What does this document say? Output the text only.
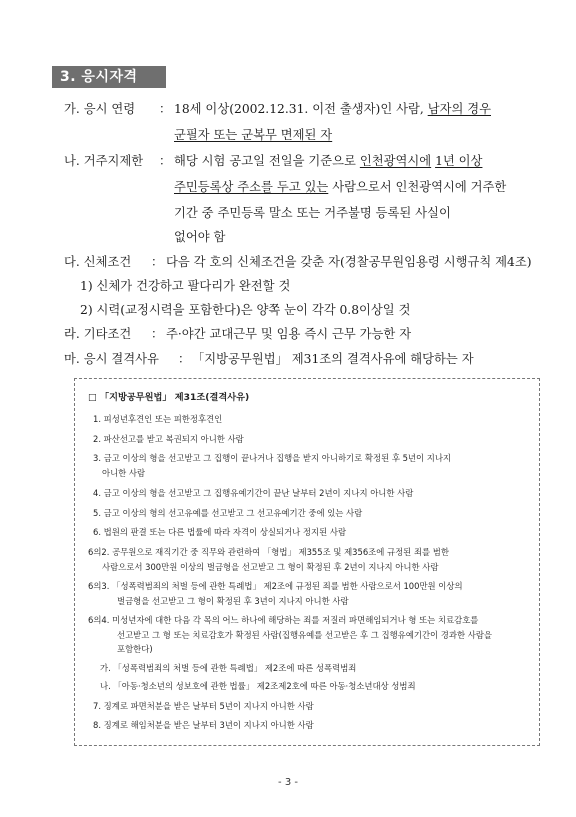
3. 응시자격
가. 응시 연령 ： 18세 이상(2002.12.31. 이전 출생자)인 사람, 남자의 경우
군필자 또는 군복무 면제된 자
나. 거주지제한 ： 해당 시험 공고일 전일을 기준으로 인천광역시에 1년 이상
주민등록상 주소를 두고 있는 사람으로서 인천광역시에 거주한
기간 중 주민등록 말소 또는 거주불명 등록된 사실이
없어야 함
다. 신체조건 ： 다음 각 호의 신체조건을 갖춘 자(경찰공무원임용령 시행규칙 제4조)
1) 신체가 건강하고 팔다리가 완전할 것
2) 시력(교정시력을 포함한다)은 양쪽 눈이 각각 0.8이상일 것
라. 기타조건 ： 주·야간 교대근무 및 임용 즉시 근무 가능한 자
마. 응시 결격사유 ： 「지방공무원법」 제31조의 결격사유에 해당하는 자
□ 「지방공무원법」 제31조(결격사유)
1. 피성년후견인 또는 피한정후견인
2. 파산선고를 받고 복권되지 아니한 사람
3. 금고 이상의 형을 선고받고 그 집행이 끝나거나 집행을 받지 아니하기로 확정된 후 5년이 지나지
아니한 사람
4. 금고 이상의 형을 선고받고 그 집행유예기간이 끝난 날부터 2년이 지나지 아니한 사람
5. 금고 이상의 형의 선고유예를 선고받고 그 선고유예기간 중에 있는 사람
6. 법원의 판결 또는 다른 법률에 따라 자격이 상실되거나 정지된 사람
6의2. 공무원으로 재직기간 중 직무와 관련하여 「형법」 제355조 및 제356조에 규정된 죄를 범한
사람으로서 300만원 이상의 벌금형을 선고받고 그 형이 확정된 후 2년이 지나지 아니한 사람
6의3. 「성폭력범죄의 처벌 등에 관한 특례법」 제2조에 규정된 죄를 범한 사람으로서 100만원 이상의
벌금형을 선고받고 그 형이 확정된 후 3년이 지나지 아니한 사람
6의4. 미성년자에 대한 다음 각 목의 어느 하나에 해당하는 죄를 저질러 파면해임되거나 형 또는 치료감호를
선고받고 그 형 또는 치료감호가 확정된 사람(집행유예를 선고받은 후 그 집행유예기간이 경과한 사람을
포함한다)
가. 「성폭력범죄의 처벌 등에 관한 특례법」 제2조에 따른 성폭력범죄
나. 「아동·청소년의 성보호에 관한 법률」 제2조제2호에 따른 아동·청소년대상 성범죄
7. 징계로 파면처분을 받은 날부터 5년이 지나지 아니한 사람
8. 징계로 해임처분을 받은 날부터 3년이 지나지 아니한 사람
- 3 -
